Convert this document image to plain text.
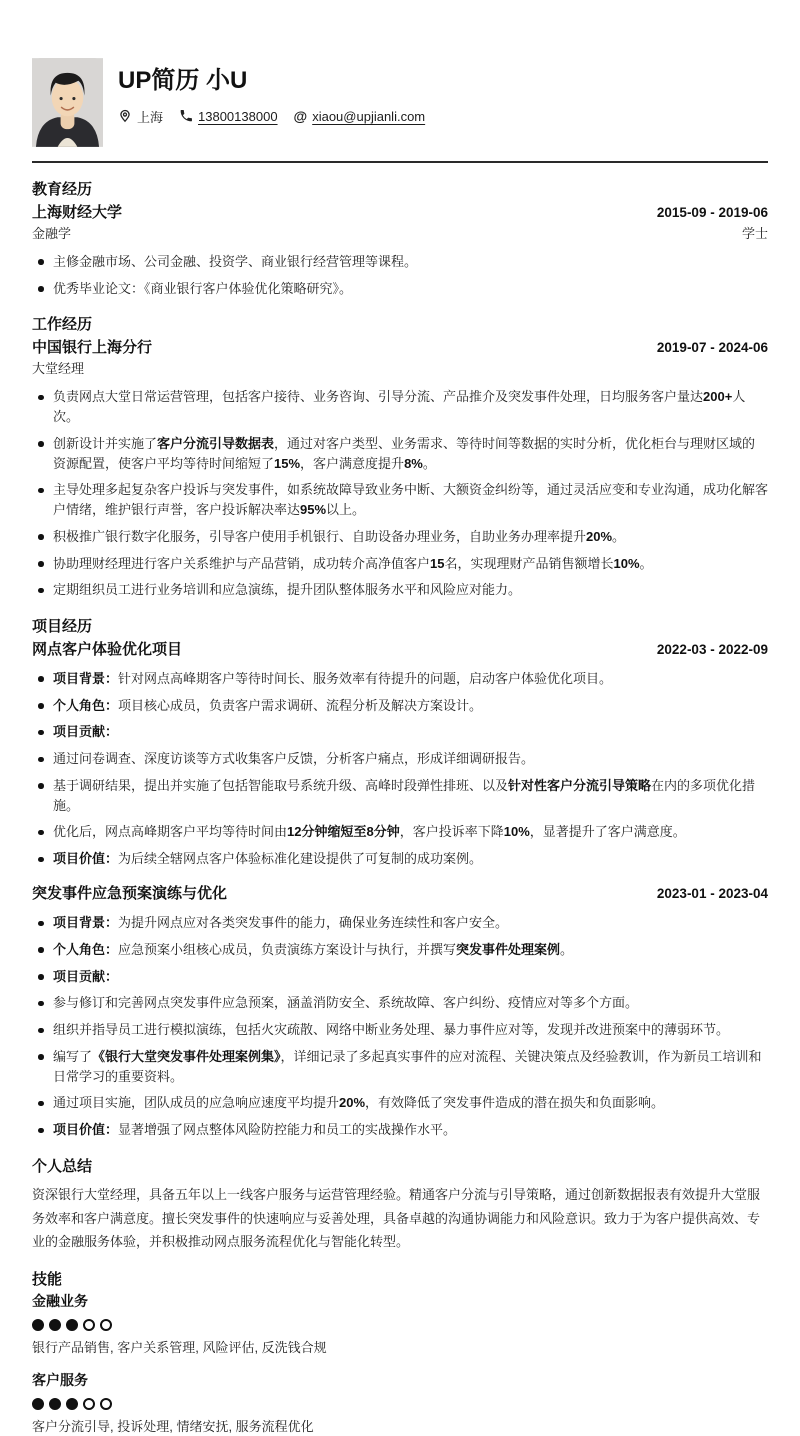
UP简历 小U
上海	13800138000 @ xiaou@upjianli.com
教育经历
上海财经大学	2015-09 - 2019-06
金融学	学士
主修金融市场、公司金融、投资学、商业银行经营管理等课程。
优秀毕业论文：《商业银行客户体验优化策略研究》。
工作经历
中国银行上海分行	2019-07 - 2024-06
大堂经理
负责网点大堂日常运营管理，包括客户接待、业务咨询、引导分流、产品推介及突发事件处理，日均服务客户量达200+人次。
创新设计并实施了客户分流引导数据表，通过对客户类型、业务需求、等待时间等数据的实时分析，优化柜台与理财区域的资源配置，使客户平均等待时间缩短了15%，客户满意度提升8%。
主导处理多起复杂客户投诉与突发事件，如系统故障导致业务中断、大额资金纠纷等，通过灵活应变和专业沟通，成功化解客户情绪，维护银行声誉，客户投诉解决率达95%以上。
积极推广银行数字化服务，引导客户使用手机银行、自助设备办理业务，自助业务办理率提升20%。
协助理财经理进行客户关系维护与产品营销，成功转介高净值客户15名，实现理财产品销售额增长10%。
定期组织员工进行业务培训和应急演练，提升团队整体服务水平和风险应对能力。
项目经历
网点客户体验优化项目	2022-03 - 2022-09
项目背景：针对网点高峰期客户等待时间长、服务效率有待提升的问题，启动客户体验优化项目。
个人角色：项目核心成员，负责客户需求调研、流程分析及解决方案设计。
项目贡献：
通过问卷调查、深度访谈等方式收集客户反馈，分析客户痛点，形成详细调研报告。
基于调研结果，提出并实施了包括智能取号系统升级、高峰时段弹性排班、以及针对性客户分流引导策略在内的多项优化措施。
优化后，网点高峰期客户平均等待时间由12分钟缩短至8分钟，客户投诉率下降10%，显著提升了客户满意度。
项目价值：为后续全辖网点客户体验标准化建设提供了可复制的成功案例。
突发事件应急预案演练与优化	2023-01 - 2023-04
项目背景：为提升网点应对各类突发事件的能力，确保业务连续性和客户安全。
个人角色：应急预案小组核心成员，负责演练方案设计与执行，并撰写突发事件处理案例。
项目贡献：
参与修订和完善网点突发事件应急预案，涵盖消防安全、系统故障、客户纠纷、疫情应对等多个方面。
组织并指导员工进行模拟演练，包括火灾疏散、网络中断业务处理、暴力事件应对等，发现并改进预案中的薄弱环节。
编写了《银行大堂突发事件处理案例集》，详细记录了多起真实事件的应对流程、关键决策点及经验教训，作为新员工培训和日常学习的重要资料。
通过项目实施，团队成员的应急响应速度平均提升20%，有效降低了突发事件造成的潜在损失和负面影响。
项目价值：显著增强了网点整体风险防控能力和员工的实战操作水平。
个人总结

资深银行大堂经理，具备五年以上一线客户服务与运营管理经验。精通客户分流与引导策略，通过创新数据报表有效提升大堂服务效率和客户满意度。擅长突发事件的快速响应与妥善处理，具备卓越的沟通协调能力和风险意识。致力于为客户提供高效、专业的金融服务体验，并积极推动网点服务流程优化与智能化转型。

技能
金融业务
银行产品销售, 客户关系管理, 风险评估, 反洗钱合规
客户服务
客户分流引导, 投诉处理, 情绪安抚, 服务流程优化
